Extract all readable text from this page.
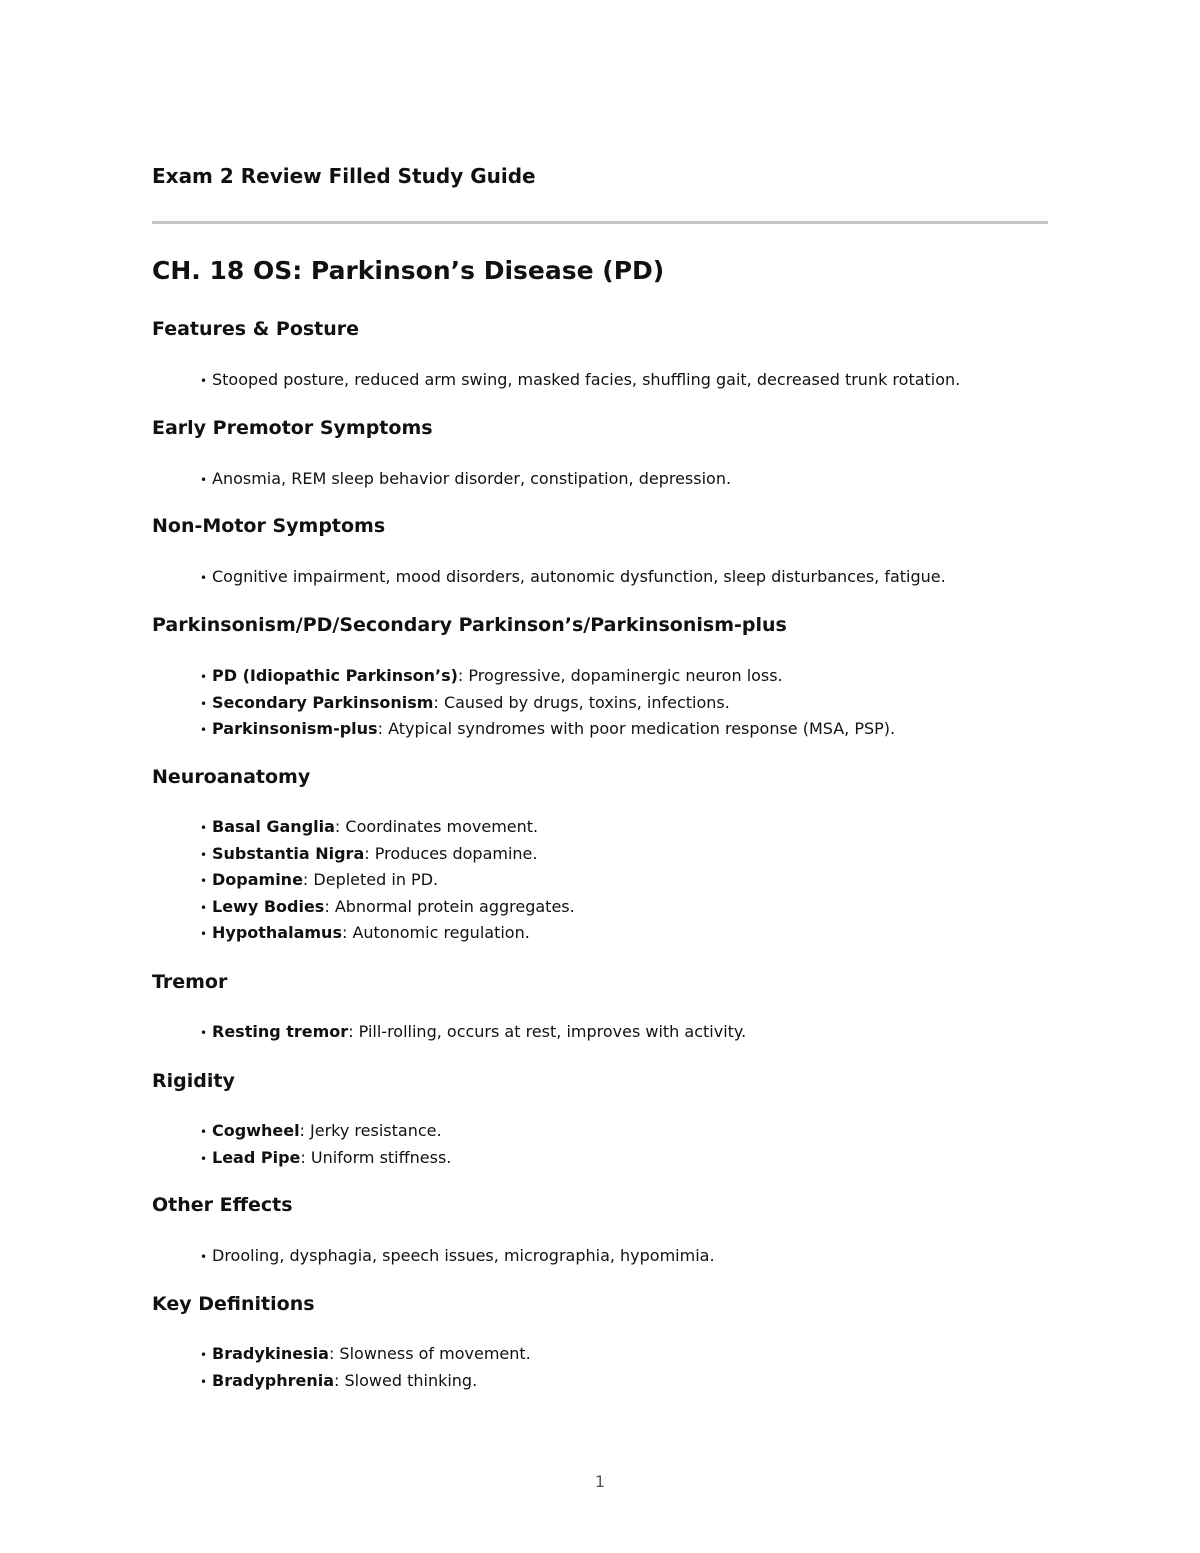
Exam 2 Review Filled Study Guide
CH. 18 OS: Parkinson’s Disease (PD)
Features & Posture
• Stooped posture, reduced arm swing, masked facies, shuffling gait, decreased trunk rotation.
Early Premotor Symptoms
• Anosmia, REM sleep behavior disorder, constipation, depression.
Non-Motor Symptoms
• Cognitive impairment, mood disorders, autonomic dysfunction, sleep disturbances, fatigue.
Parkinsonism/PD/Secondary Parkinson’s/Parkinsonism-plus
• PD (Idiopathic Parkinson’s): Progressive, dopaminergic neuron loss.
• Secondary Parkinsonism: Caused by drugs, toxins, infections.
• Parkinsonism-plus: Atypical syndromes with poor medication response (MSA, PSP).
Neuroanatomy
• Basal Ganglia: Coordinates movement.
• Substantia Nigra: Produces dopamine.
• Dopamine: Depleted in PD.
• Lewy Bodies: Abnormal protein aggregates.
• Hypothalamus: Autonomic regulation.
Tremor
• Resting tremor: Pill-rolling, occurs at rest, improves with activity.
Rigidity
• Cogwheel: Jerky resistance.
• Lead Pipe: Uniform stiffness.
Other Effects
• Drooling, dysphagia, speech issues, micrographia, hypomimia.
Key Definitions
• Bradykinesia: Slowness of movement.
• Bradyphrenia: Slowed thinking.
1
